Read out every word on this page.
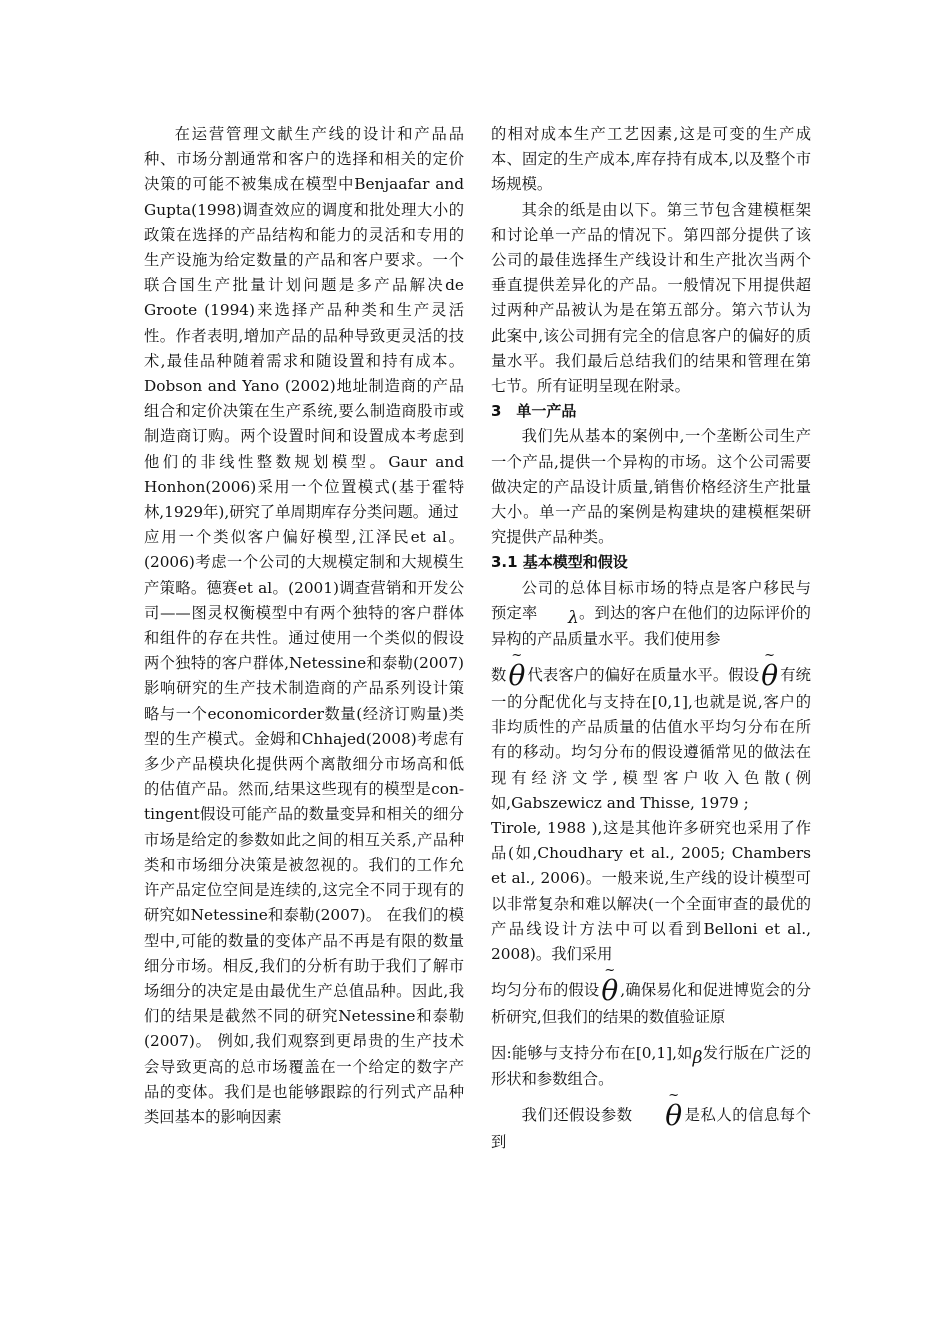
在运营管理文献生产线的设计和产品品种、市场分割通常和客户的选择和相关的定价决策的可能不被集成在模型中Benjaafar and Gupta(1998)调查效应的调度和批处理大小的政策在选择的产品结构和能力的灵活和专用的生产设施为给定数量的产品和客户要求。一个联合国生产批量计划问题是多产品解决de Groote (1994)来选择产品种类和生产灵活性。作者表明,增加产品的品种导致更灵活的技术,最佳品种随着需求和随设置和持有成本。Dobson and Yano (2002)地址制造商的产品组合和定价决策在生产系统,要么制造商股市或制造商订购。两个设置时间和设置成本考虑到他们的非线性整数规划模型。Gaur and Honhon(2006)采用一个位置模式(基于霍特林,1929年),研究了单周期库存分类问题。通过

应用一个类似客户偏好模型,江泽民et al。(2006)考虑一个公司的大规模定制和大规模生产策略。德赛et al。(2001)调查营销和开发公司——图灵权衡模型中有两个独特的客户群体和组件的存在共性。通过使用一个类似的假设两个独特的客户群体,Netessine和泰勒(2007)影响研究的生产技术制造商的产品系列设计策略与一个economicorder数量(经济订购量)类型的生产模式。金姆和Chhajed(2008)考虑有多少产品模块化提供两个离散细分市场高和低的估值产品。然而,结果这些现有的模型是con-tingent假设可能产品的数量变异和相关的细分市场是给定的参数如此之间的相互关系,产品种类和市场细分决策是被忽视的。我们的工作允许产品定位空间是连续的,这完全不同于现有的研究如Netessine和泰勒(2007)。 在我们的模型中,可能的数量的变体产品不再是有限的数量细分市场。相反,我们的分析有助于我们了解市场细分的决定是由最优生产总值品种。因此,我们的结果是截然不同的研究Netessine和泰勒(2007)。 例如,我们观察到更昂贵的生产技术会导致更高的总市场覆盖在一个给定的数字产品的变体。我们是也能够跟踪的行列式产品种类回基本的影响因素

的相对成本生产工艺因素,这是可变的生产成本、固定的生产成本,库存持有成本,以及整个市场规模。

其余的纸是由以下。第三节包含建模框架和讨论单一产品的情况下。第四部分提供了该公司的最佳选择生产线设计和生产批次当两个垂直提供差异化的产品。一般情况下用提供超过两种产品被认为是在第五部分。第六节认为此案中,该公司拥有完全的信息客户的偏好的质量水平。我们最后总结我们的结果和管理在第七节。所有证明呈现在附录。

3　单一产品

我们先从基本的案例中,一个垄断公司生产一个产品,提供一个异构的市场。这个公司需要做决定的产品设计质量,销售价格经济生产批量大小。单一产品的案例是构建块的建模框架研究提供产品种类。

3.1 基本模型和假设

公司的总体目标市场的特点是客户移民与预定率 λ。到达的客户在他们的边际评价的异构的产品质量水平。我们使用参

数
~
θ 代表客户的偏好在质量水平。假设
~
θ 有统一的分配优化与支持在[0,1],也就是说,客户的非均质性的产品质量的估值水平均匀分布在所有的移动。均匀分布的假设遵循常见的做法在现有经济文学,模型客户收入色散(例如,Gabszewicz and Thisse, 1979 ;

Tirole, 1988 ),这是其他许多研究也采用了作品(如,Choudhary et al., 2005; Chambers et al., 2006)。一般来说,生产线的设计模型可以非常复杂和难以解决(一个全面审查的最优的产品线设计方法中可以看到Belloni et al., 2008)。我们采用

均匀分布的假设
~
θ ,确保易化和促进博览会的分析研究,但我们的结果的数值验证原

因:能够与支持分布在[0,1],如β发行版在广泛的形状和参数组合。

我们还假设参数
~
θ 是私人的信息每个到
